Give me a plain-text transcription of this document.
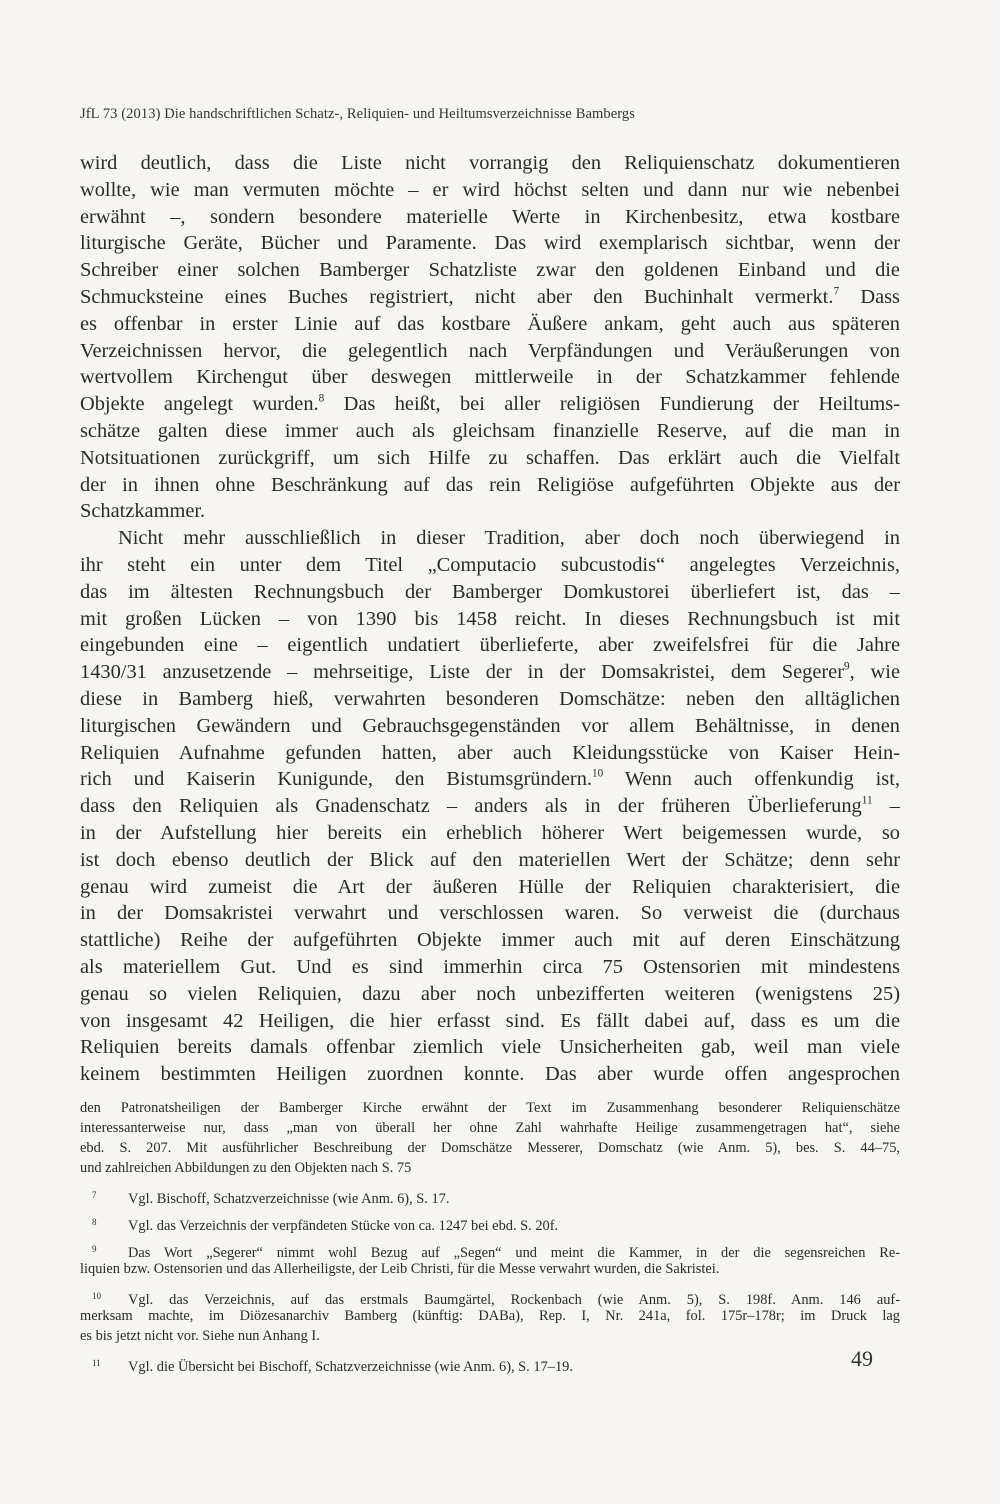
JfL 73 (2013) Die handschriftlichen Schatz-, Reliquien- und Heiltumsverzeichnisse Bambergs
wird deutlich, dass die Liste nicht vorrangig den Reliquienschatz dokumentieren
wollte, wie man vermuten möchte – er wird höchst selten und dann nur wie nebenbei
erwähnt –, sondern besondere materielle Werte in Kirchenbesitz, etwa kostbare
liturgische Geräte, Bücher und Paramente. Das wird exemplarisch sichtbar, wenn der
Schreiber einer solchen Bamberger Schatzliste zwar den goldenen Einband und die
Schmucksteine eines Buches registriert, nicht aber den Buchinhalt vermerkt.$^7$ Dass
es offenbar in erster Linie auf das kostbare Äußere ankam, geht auch aus späteren
Verzeichnissen hervor, die gelegentlich nach Verpfändungen und Veräußerungen von
wertvollem Kirchengut über deswegen mittlerweile in der Schatzkammer fehlende
Objekte angelegt wurden.$^8$ Das heißt, bei aller religiösen Fundierung der Heiltums-
schätze galten diese immer auch als gleichsam finanzielle Reserve, auf die man in
Notsituationen zurückgriff, um sich Hilfe zu schaffen. Das erklärt auch die Vielfalt
der in ihnen ohne Beschränkung auf das rein Religiöse aufgeführten Objekte aus der
Schatzkammer.
Nicht mehr ausschließlich in dieser Tradition, aber doch noch überwiegend in
ihr steht ein unter dem Titel „Computacio subcustodis“ angelegtes Verzeichnis,
das im ältesten Rechnungsbuch der Bamberger Domkustorei überliefert ist, das –
mit großen Lücken – von 1390 bis 1458 reicht. In dieses Rechnungsbuch ist mit
eingebunden eine – eigentlich undatiert überlieferte, aber zweifelsfrei für die Jahre
1430/31 anzusetzende – mehrseitige, Liste der in der Domsakristei, dem Segerer$^9$, wie
diese in Bamberg hieß, verwahrten besonderen Domschätze: neben den alltäglichen
liturgischen Gewändern und Gebrauchsgegenständen vor allem Behältnisse, in denen
Reliquien Aufnahme gefunden hatten, aber auch Kleidungsstücke von Kaiser Hein-
rich und Kaiserin Kunigunde, den Bistumsgründern.$^{10}$ Wenn auch offenkundig ist,
dass den Reliquien als Gnadenschatz – anders als in der früheren Überlieferung$^{11}$ –
in der Aufstellung hier bereits ein erheblich höherer Wert beigemessen wurde, so
ist doch ebenso deutlich der Blick auf den materiellen Wert der Schätze; denn sehr
genau wird zumeist die Art der äußeren Hülle der Reliquien charakterisiert, die
in der Domsakristei verwahrt und verschlossen waren. So verweist die (durchaus
stattliche) Reihe der aufgeführten Objekte immer auch mit auf deren Einschätzung
als materiellem Gut. Und es sind immerhin circa 75 Ostensorien mit mindestens
genau so vielen Reliquien, dazu aber noch unbezifferten weiteren (wenigstens 25)
von insgesamt 42 Heiligen, die hier erfasst sind. Es fällt dabei auf, dass es um die
Reliquien bereits damals offenbar ziemlich viele Unsicherheiten gab, weil man viele
keinem bestimmten Heiligen zuordnen konnte. Das aber wurde offen angesprochen
den Patronatsheiligen der Bamberger Kirche erwähnt der Text im Zusammenhang besonderer Reliquienschätze
interessanterweise nur, dass „man von überall her ohne Zahl wahrhafte Heilige zusammengetragen hat“, siehe
ebd. S. 207. Mit ausführlicher Beschreibung der Domschätze Messerer, Domschatz (wie Anm. 5), bes. S. 44–75,
und zahlreichen Abbildungen zu den Objekten nach S. 75
7 Vgl. Bischoff, Schatzverzeichnisse (wie Anm. 6), S. 17.
8 Vgl. das Verzeichnis der verpfändeten Stücke von ca. 1247 bei ebd. S. 20f.
9 Das Wort „Segerer“ nimmt wohl Bezug auf „Segen“ und meint die Kammer, in der die segensreichen Re-
liquien bzw. Ostensorien und das Allerheiligste, der Leib Christi, für die Messe verwahrt wurden, die Sakristei.
10 Vgl. das Verzeichnis, auf das erstmals Baumgärtel, Rockenbach (wie Anm. 5), S. 198f. Anm. 146 auf-
merksam machte, im Diözesanarchiv Bamberg (künftig: DABa), Rep. I, Nr. 241a, fol. 175r–178r; im Druck lag
es bis jetzt nicht vor. Siehe nun Anhang I.
11 Vgl. die Übersicht bei Bischoff, Schatzverzeichnisse (wie Anm. 6), S. 17–19.	49
